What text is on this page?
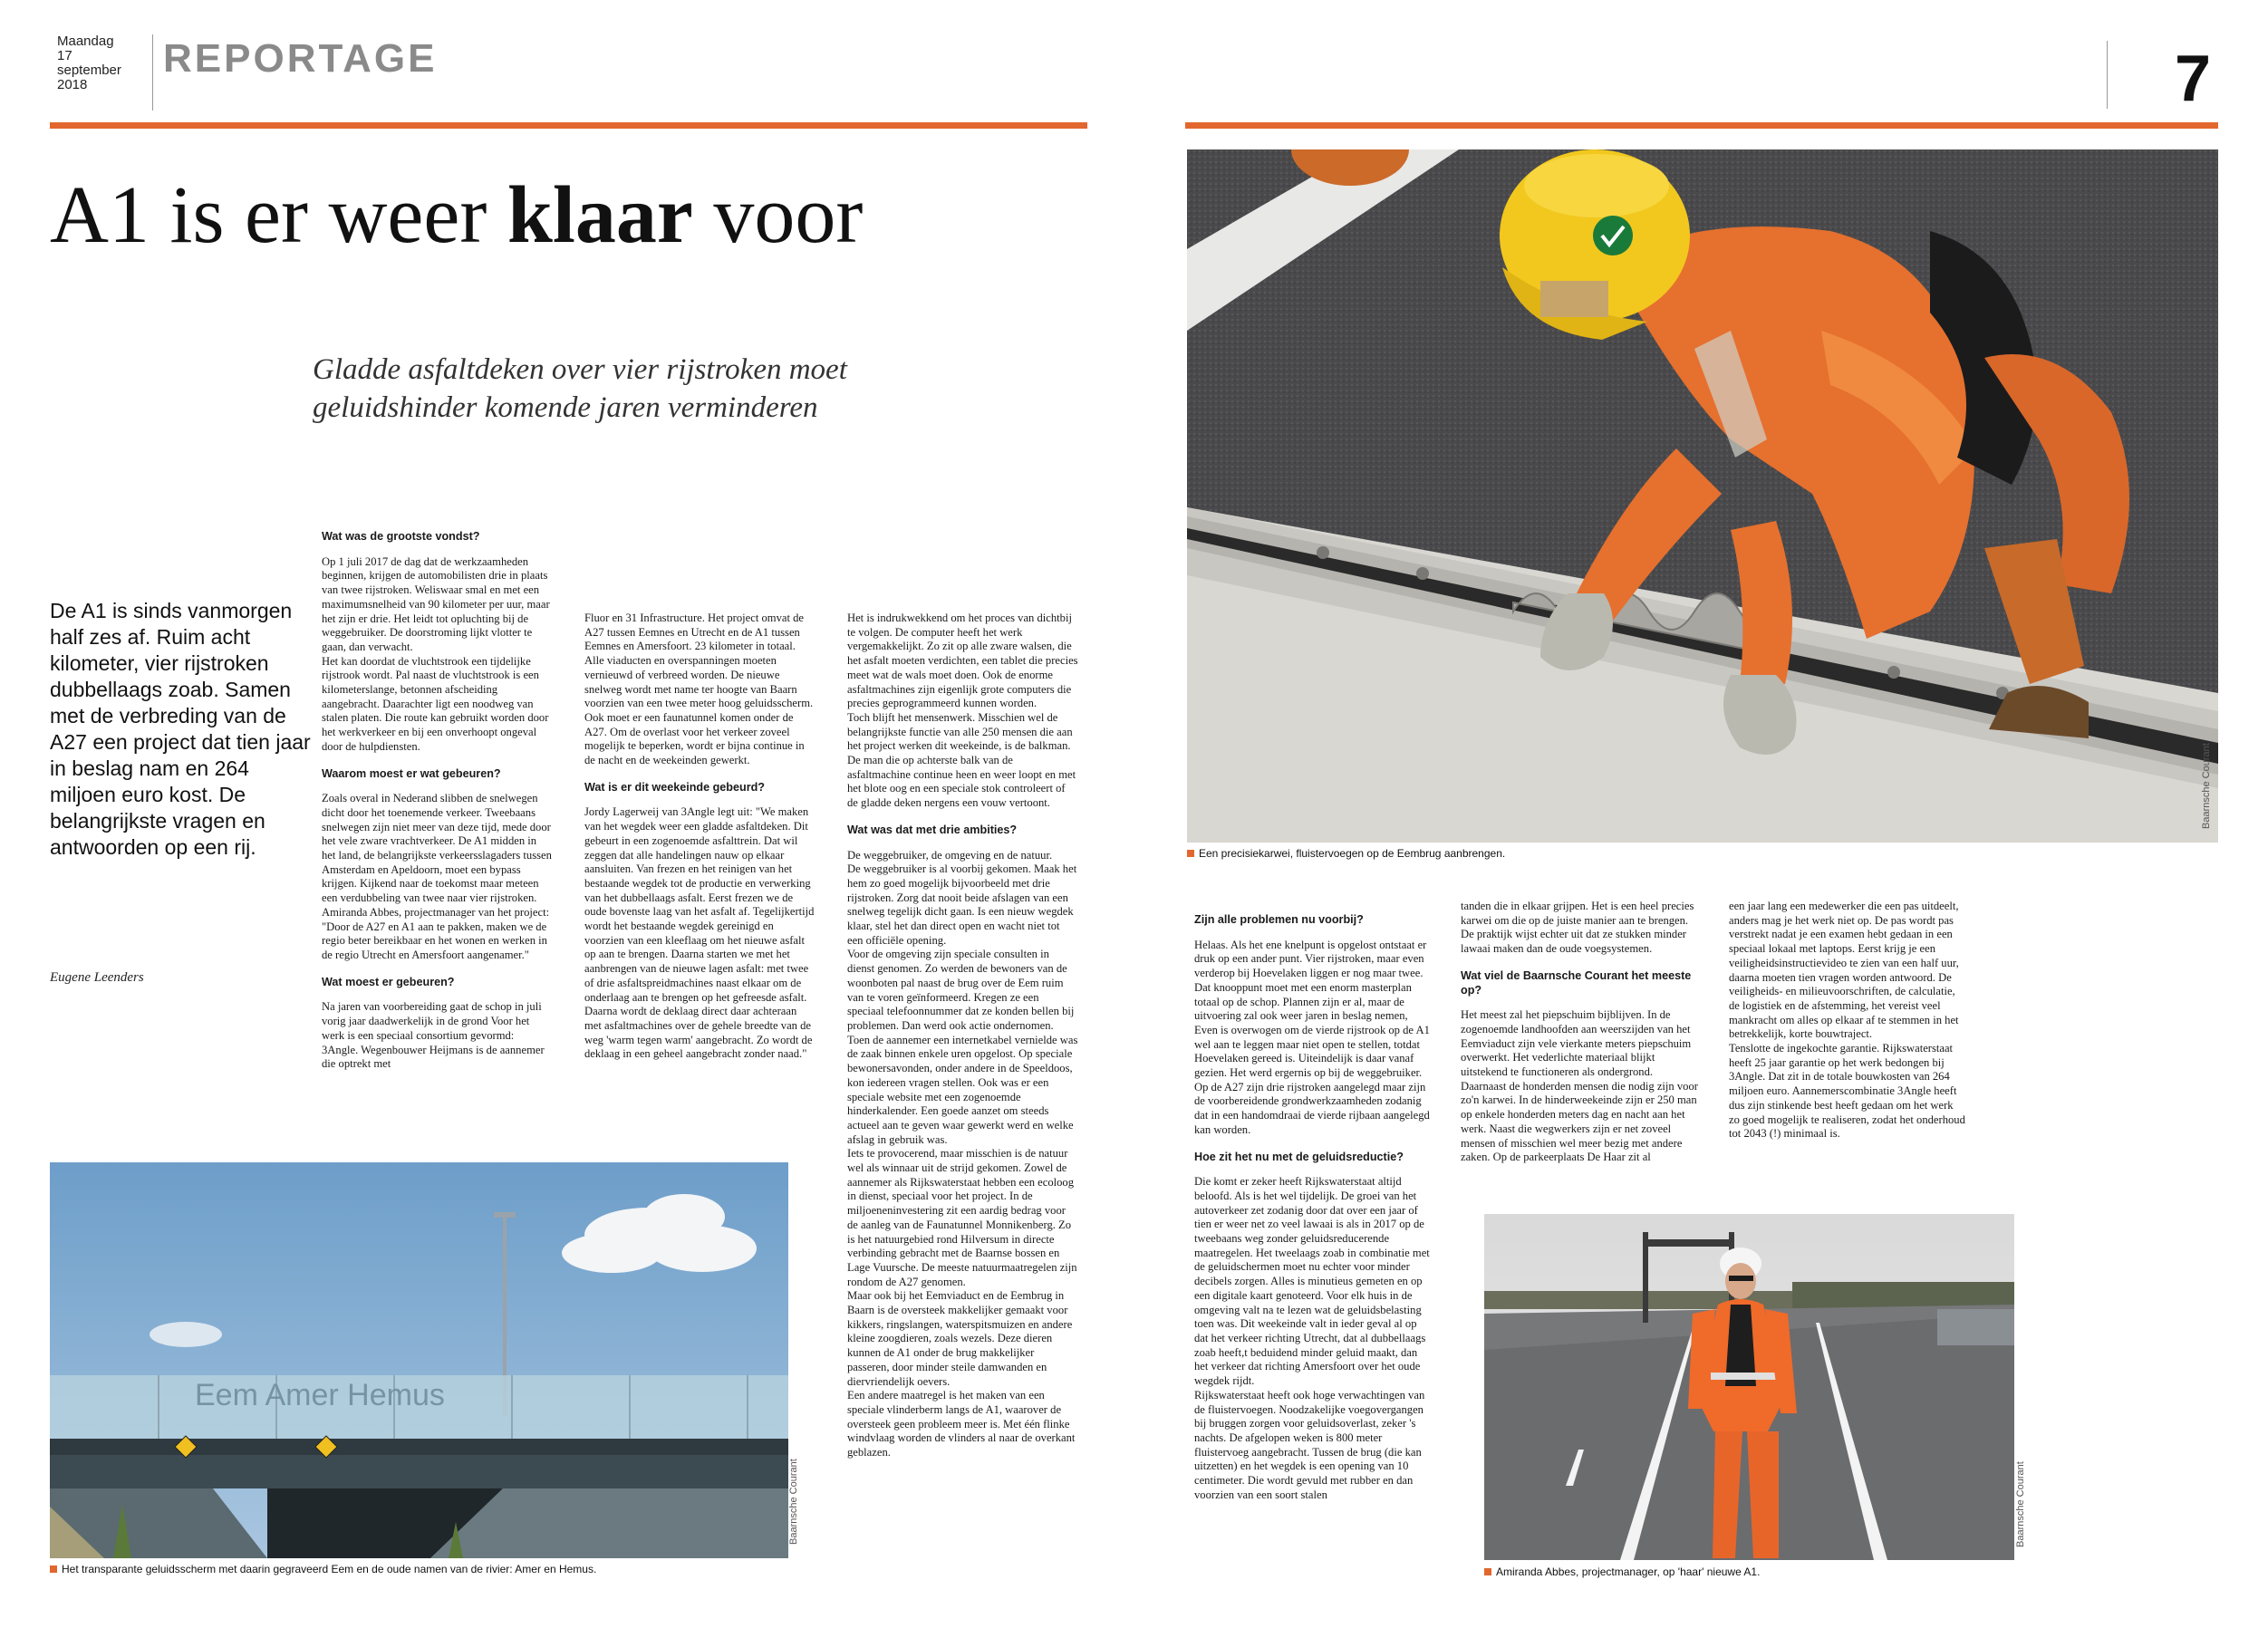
Maandag
17
september
2018
REPORTAGE	7
A1 is er weer klaar voor
Gladde asfaltdeken over vier rijstroken moet geluidshinder komende jaren verminderen
De A1 is sinds vanmorgen half zes af. Ruim acht kilometer, vier rijstroken dubbellaags zoab. Samen met de verbreding van de A27 een project dat tien jaar in beslag nam en 264 miljoen euro kost. De belangrijkste vragen en antwoorden op een rij.
Eugene Leenders
Wat was de grootste vondst?

Op 1 juli 2017 de dag dat de werkzaamheden beginnen, krijgen de automobilisten drie in plaats van twee rijstroken. Weliswaar smal en met een maximumsnelheid van 90 kilometer per uur, maar het zijn er drie. Het leidt tot opluchting bij de weggebruiker. De doorstroming lijkt vlotter te gaan, dan verwacht.

Het kan doordat de vluchtstrook een tijdelijke rijstrook wordt. Pal naast de vluchtstrook is een kilometerslange, betonnen afscheiding aangebracht. Daarachter ligt een noodweg van stalen platen. Die route kan gebruikt worden door het werkverkeer en bij een onverhoopt ongeval door de hulpdiensten.

Waarom moest er wat gebeuren?

Zoals overal in Nederand slibben de snelwegen dicht door het toenemende verkeer. Tweebaans snelwegen zijn niet meer van deze tijd, mede door het vele zware vrachtverkeer. De A1 midden in het land, de belangrijkste verkeersslagaders tussen Amsterdam en Apeldoorn, moet een bypass krijgen. Kijkend naar de toekomst maar meteen een verdubbeling van twee naar vier rijstroken. Amiranda Abbes, projectmanager van het project: "Door de A27 en A1 aan te pakken, maken we de regio beter bereikbaar en het wonen en werken in de regio Utrecht en Amersfoort aangenamer."

Wat moest er gebeuren?

Na jaren van voorbereiding gaat de schop in juli vorig jaar daadwerkelijk in de grond Voor het werk is een speciaal consortium gevormd: 3Angle. Wegenbouwer Heijmans is de aannemer die optrekt met

Fluor en 31 Infrastructure. Het project omvat de A27 tussen Eemnes en Utrecht en de A1 tussen Eemnes en Amersfoort. 23 kilometer in totaal. Alle viaducten en overspanningen moeten vernieuwd of verbreed worden. De nieuwe snelweg wordt met name ter hoogte van Baarn voorzien van een twee meter hoog geluidsscherm. Ook moet er een faunatunnel komen onder de A27. Om de overlast voor het verkeer zoveel mogelijk te beperken, wordt er bijna continue in de nacht en de weekeinden gewerkt.

Wat is er dit weekeinde gebeurd?

Jordy Lagerweij van 3Angle legt uit: "We maken van het wegdek weer een gladde asfaltdeken. Dit gebeurt in een zogenoemde asfalttrein. Dat wil zeggen dat alle handelingen nauw op elkaar aansluiten. Van frezen en het reinigen van het bestaande wegdek tot de productie en verwerking van het dubbellaags asfalt. Eerst frezen we de oude bovenste laag van het asfalt af. Tegelijkertijd wordt het bestaande wegdek gereinigd en voorzien van een kleeflaag om het nieuwe asfalt op aan te brengen. Daarna starten we met het aanbrengen van de nieuwe lagen asfalt: met twee of drie asfaltspreidmachines naast elkaar om de onderlaag aan te brengen op het gefreesde asfalt. Daarna wordt de deklaag direct daar achteraan met asfaltmachines over de gehele breedte van de weg 'warm tegen warm' aangebracht. Zo wordt de deklaag in een geheel aangebracht zonder naad."

Het is indrukwekkend om het proces van dichtbij te volgen. De computer heeft het werk vergemakkelijkt. Zo zit op alle zware walsen, die het asfalt moeten verdichten, een tablet die precies meet wat de wals moet doen. Ook de enorme asfaltmachines zijn eigenlijk grote computers die precies geprogrammeerd kunnen worden.

Toch blijft het mensenwerk. Misschien wel de belangrijkste functie van alle 250 mensen die aan het project werken dit weekeinde, is de balkman. De man die op achterste balk van de asfaltmachine continue heen en weer loopt en met het blote oog en een speciale stok controleert of de gladde deken nergens een vouw vertoont.

Wat was dat met drie ambities?

De weggebruiker, de omgeving en de natuur.

De weggebruiker is al voorbij gekomen. Maak het hem zo goed mogelijk bijvoorbeeld met drie rijstroken. Zorg dat nooit beide afslagen van een snelweg tegelijk dicht gaan. Is een nieuw wegdek klaar, stel het dan direct open en wacht niet tot een officiële opening.

Voor de omgeving zijn speciale consulten in dienst genomen. Zo werden de bewoners van de woonboten pal naast de brug over de Eem ruim van te voren geïnformeerd. Kregen ze een speciaal telefoonnummer dat ze konden bellen bij problemen. Dan werd ook actie ondernomen. Toen de aannemer een internetkabel vernielde was de zaak binnen enkele uren opgelost. Op speciale bewonersavonden, onder andere in de Speeldoos, kon iedereen vragen stellen. Ook was er een speciale website met een zogenoemde hinderkalender. Een goede aanzet om steeds actueel aan te geven waar gewerkt werd en welke afslag in gebruik was.

Iets te provocerend, maar misschien is de natuur wel als winnaar uit de strijd gekomen. Zowel de aannemer als Rijkswaterstaat hebben een ecoloog in dienst, speciaal voor het project. In de miljoeneninvestering zit een aardig bedrag voor de aanleg van de Faunatunnel Monnikenberg. Zo is het natuurgebied rond Hilversum in directe verbinding gebracht met de Baarnse bossen en Lage Vuursche. De meeste natuurmaatregelen zijn rondom de A27 genomen.

Maar ook bij het Eemviaduct en de Eembrug in Baarn is de oversteek makkelijker gemaakt voor kikkers, ringslangen, waterspitsmuizen en andere kleine zoogdieren, zoals wezels. Deze dieren kunnen de A1 onder de brug makkelijker passeren, door minder steile damwanden en diervriendelijk oevers.

Een andere maatregel is het maken van een speciale vlinderberm langs de A1, waarover de oversteek geen probleem meer is. Met één flinke windvlaag worden de vlinders al naar de overkant geblazen.

Zijn alle problemen nu voorbij?

Helaas. Als het ene knelpunt is opgelost ontstaat er druk op een ander punt. Vier rijstroken, maar even verderop bij Hoevelaken liggen er nog maar twee. Dat knooppunt moet met een enorm masterplan totaal op de schop. Plannen zijn er al, maar de uitvoering zal ook weer jaren in beslag nemen,

Even is overwogen om de vierde rijstrook op de A1 wel aan te leggen maar niet open te stellen, totdat Hoevelaken gereed is. Uiteindelijk is daar vanaf gezien. Het werd ergernis op bij de weggebruiker. Op de A27 zijn drie rijstroken aangelegd maar zijn de voorbereidende grondwerkzaamheden zodanig dat in een handomdraai de vierde rijbaan aangelegd kan worden.

Hoe zit het nu met de geluidsreductie?

Die komt er zeker heeft Rijkswaterstaat altijd beloofd. Als is het wel tijdelijk. De groei van het autoverkeer zet zodanig door dat over een jaar of tien er weer net zo veel lawaai is als in 2017 op de tweebaans weg zonder geluidsreducerende maatregelen. Het tweelaags zoab in combinatie met de geluidschermen moet nu echter voor minder decibels zorgen. Alles is minutieus gemeten en op een digitale kaart genoteerd. Voor elk huis in de omgeving valt na te lezen wat de geluidsbelasting toen was. Dit weekeinde valt in ieder geval al op dat het verkeer richting Utrecht, dat al dubbellaags zoab heeft,t beduidend minder geluid maakt, dan het verkeer dat richting Amersfoort over het oude wegdek rijdt.

Rijkswaterstaat heeft ook hoge verwachtingen van de fluistervoegen. Noodzakelijke voegovergangen bij bruggen zorgen voor geluidsoverlast, zeker 's nachts. De afgelopen weken is 800 meter fluistervoeg aangebracht. Tussen de brug (die kan uitzetten) en het wegdek is een opening van 10 centimeter. Die wordt gevuld met rubber en dan voorzien van een soort stalen

tanden die in elkaar grijpen. Het is een heel precies karwei om die op de juiste manier aan te brengen. De praktijk wijst echter uit dat ze stukken minder lawaai maken dan de oude voegsystemen.

Wat viel de Baarnsche Courant het meeste op?

Het meest zal het piepschuim bijblijven. In de zogenoemde landhoofden aan weerszijden van het Eemviaduct zijn vele vierkante meters piepschuim overwerkt. Het vederlichte materiaal blijkt uitstekend te functioneren als ondergrond. Daarnaast de honderden mensen die nodig zijn voor zo'n karwei. In de hinderweekeinde zijn er 250 man op enkele honderden meters dag en nacht aan het werk. Naast die wegwerkers zijn er net zoveel mensen of misschien wel meer bezig met andere zaken. Op de parkeerplaats De Haar zit al

een jaar lang een medewerker die een pas uitdeelt, anders mag je het werk niet op. De pas wordt pas verstrekt nadat je een examen hebt gedaan in een speciaal lokaal met laptops. Eerst krijg je een veiligheidsinstructievideo te zien van een half uur, daarna moeten tien vragen worden antwoord. De veiligheids- en milieuvoorschriften, de calculatie, de logistiek en de afstemming, het vereist veel mankracht om alles op elkaar af te stemmen in het betrekkelijk, korte bouwtraject.

Tenslotte de ingekochte garantie. Rijkswaterstaat heeft 25 jaar garantie op het werk bedongen bij 3Angle. Dat zit in de totale bouwkosten van 264 miljoen euro. Aannemerscombinatie 3Angle heeft dus zijn stinkende best heeft gedaan om het werk zo goed mogelijk te realiseren, zodat het onderhoud tot 2043 (!) minimaal is.

Baarnsche Courant
Een precisiekarwei, fluistervoegen op de Eembrug aanbrengen.
Eem Amer Hemus
Baarnsche Courant
Het transparante geluidsscherm met daarin gegraveerd Eem en de oude namen van de rivier: Amer en Hemus.
Baarnsche Courant
Amiranda Abbes, projectmanager, op 'haar' nieuwe A1.
